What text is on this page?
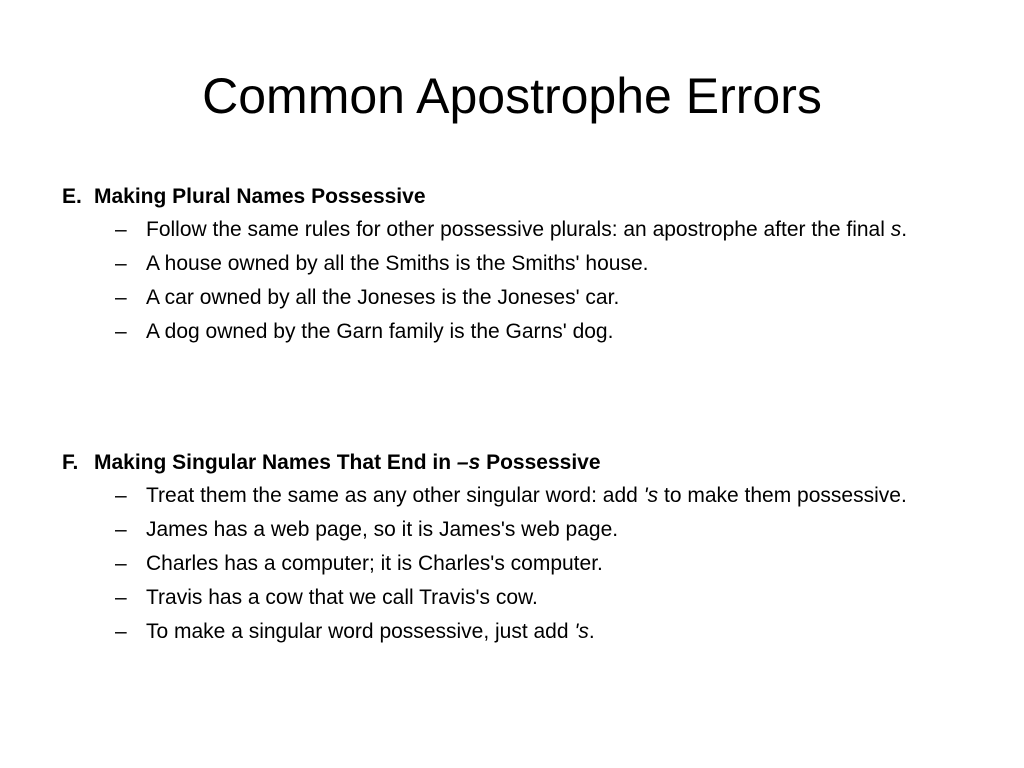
Common Apostrophe Errors
E. Making Plural Names Possessive
– Follow the same rules for other possessive plurals: an apostrophe after the final s.
– A house owned by all the Smiths is the Smiths' house.
– A car owned by all the Joneses is the Joneses' car.
– A dog owned by the Garn family is the Garns' dog.
F. Making Singular Names That End in –s Possessive
– Treat them the same as any other singular word: add 's to make them possessive.
– James has a web page, so it is James's web page.
– Charles has a computer; it is Charles's computer.
– Travis has a cow that we call Travis's cow.
– To make a singular word possessive, just add 's.
